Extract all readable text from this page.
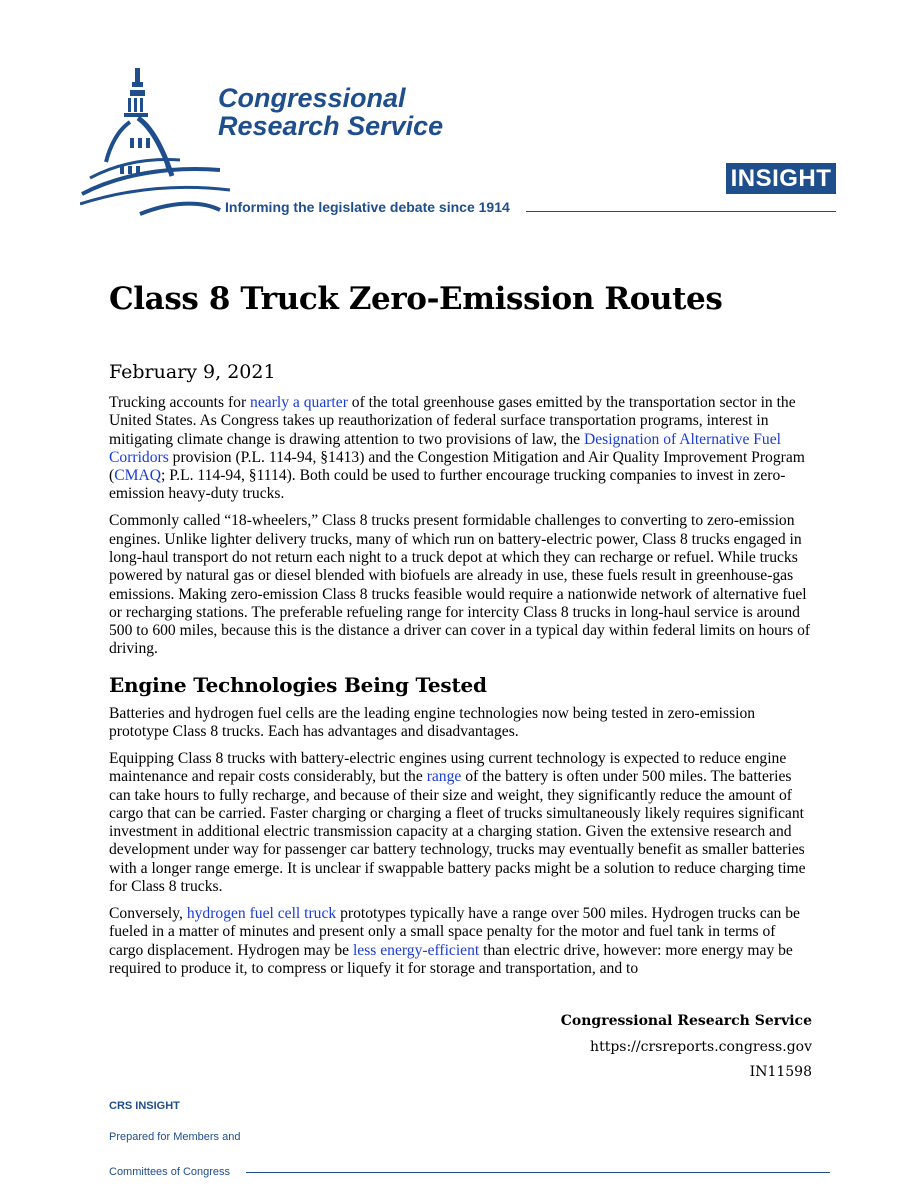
Congressional
Research Service
Informing the legislative debate since 1914
INSIGHT
Class 8 Truck Zero-Emission Routes
February 9, 2021

Trucking accounts for nearly a quarter of the total greenhouse gases emitted by the transportation sector in the United States. As Congress takes up reauthorization of federal surface transportation programs, interest in mitigating climate change is drawing attention to two provisions of law, the Designation of Alternative Fuel Corridors provision (P.L. 114-94, §1413) and the Congestion Mitigation and Air Quality Improvement Program (CMAQ; P.L. 114-94, §1114). Both could be used to further encourage trucking companies to invest in zero-emission heavy-duty trucks.

Commonly called “18-wheelers,” Class 8 trucks present formidable challenges to converting to zero-emission engines. Unlike lighter delivery trucks, many of which run on battery-electric power, Class 8 trucks engaged in long-haul transport do not return each night to a truck depot at which they can recharge or refuel. While trucks powered by natural gas or diesel blended with biofuels are already in use, these fuels result in greenhouse-gas emissions. Making zero-emission Class 8 trucks feasible would require a nationwide network of alternative fuel or recharging stations. The preferable refueling range for intercity Class 8 trucks in long-haul service is around 500 to 600 miles, because this is the distance a driver can cover in a typical day within federal limits on hours of driving.

Engine Technologies Being Tested

Batteries and hydrogen fuel cells are the leading engine technologies now being tested in zero-emission prototype Class 8 trucks. Each has advantages and disadvantages.

Equipping Class 8 trucks with battery-electric engines using current technology is expected to reduce engine maintenance and repair costs considerably, but the range of the battery is often under 500 miles. The batteries can take hours to fully recharge, and because of their size and weight, they significantly reduce the amount of cargo that can be carried. Faster charging or charging a fleet of trucks simultaneously likely requires significant investment in additional electric transmission capacity at a charging station. Given the extensive research and development under way for passenger car battery technology, trucks may eventually benefit as smaller batteries with a longer range emerge. It is unclear if swappable battery packs might be a solution to reduce charging time for Class 8 trucks.

Conversely, hydrogen fuel cell truck prototypes typically have a range over 500 miles. Hydrogen trucks can be fueled in a matter of minutes and present only a small space penalty for the motor and fuel tank in terms of cargo displacement. Hydrogen may be less energy-efficient than electric drive, however: more energy may be required to produce it, to compress or liquefy it for storage and transportation, and to

Congressional Research Service
https://crsreports.congress.gov
IN11598
CRS INSIGHT
Prepared for Members and
Committees of Congress
